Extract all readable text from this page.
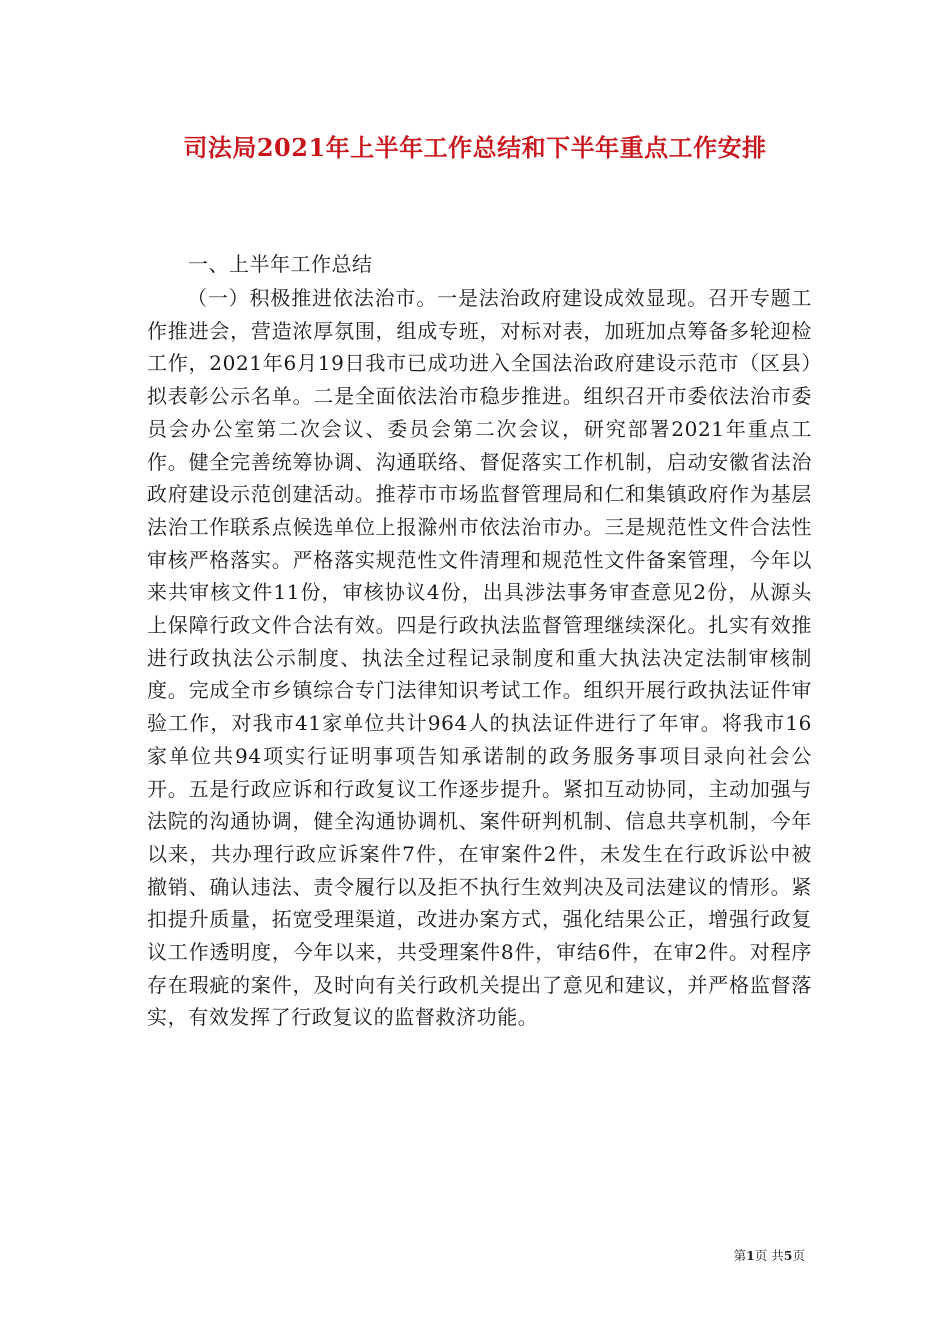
司法局2021年上半年工作总结和下半年重点工作安排

一、上半年工作总结

（一）积极推进依法治市。一是法治政府建设成效显现。召开专题工作推进会，营造浓厚氛围，组成专班，对标对表，加班加点筹备多轮迎检工作，2021年6月19日我市已成功进入全国法治政府建设示范市（区县）拟表彰公示名单。二是全面依法治市稳步推进。组织召开市委依法治市委员会办公室第二次会议、委员会第二次会议，研究部署2021年重点工作。健全完善统筹协调、沟通联络、督促落实工作机制，启动安徽省法治政府建设示范创建活动。推荐市市场监督管理局和仁和集镇政府作为基层法治工作联系点候选单位上报滁州市依法治市办。三是规范性文件合法性审核严格落实。严格落实规范性文件清理和规范性文件备案管理，今年以来共审核文件11份，审核协议4份，出具涉法事务审查意见2份，从源头上保障行政文件合法有效。四是行政执法监督管理继续深化。扎实有效推进行政执法公示制度、执法全过程记录制度和重大执法决定法制审核制度。完成全市乡镇综合专门法律知识考试工作。组织开展行政执法证件审验工作，对我市41家单位共计964人的执法证件进行了年审。将我市16家单位共94项实行证明事项告知承诺制的政务服务事项目录向社会公开。五是行政应诉和行政复议工作逐步提升。紧扣互动协同，主动加强与法院的沟通协调，健全沟通协调机、案件研判机制、信息共享机制，今年以来，共办理行政应诉案件7件，在审案件2件，未发生在行政诉讼中被撤销、确认违法、责令履行以及拒不执行生效判决及司法建议的情形。紧扣提升质量，拓宽受理渠道，改进办案方式，强化结果公正，增强行政复议工作透明度，今年以来，共受理案件8件，审结6件，在审2件。对程序存在瑕疵的案件，及时向有关行政机关提出了意见和建议，并严格监督落实，有效发挥了行政复议的监督救济功能。

第1页 共5页
